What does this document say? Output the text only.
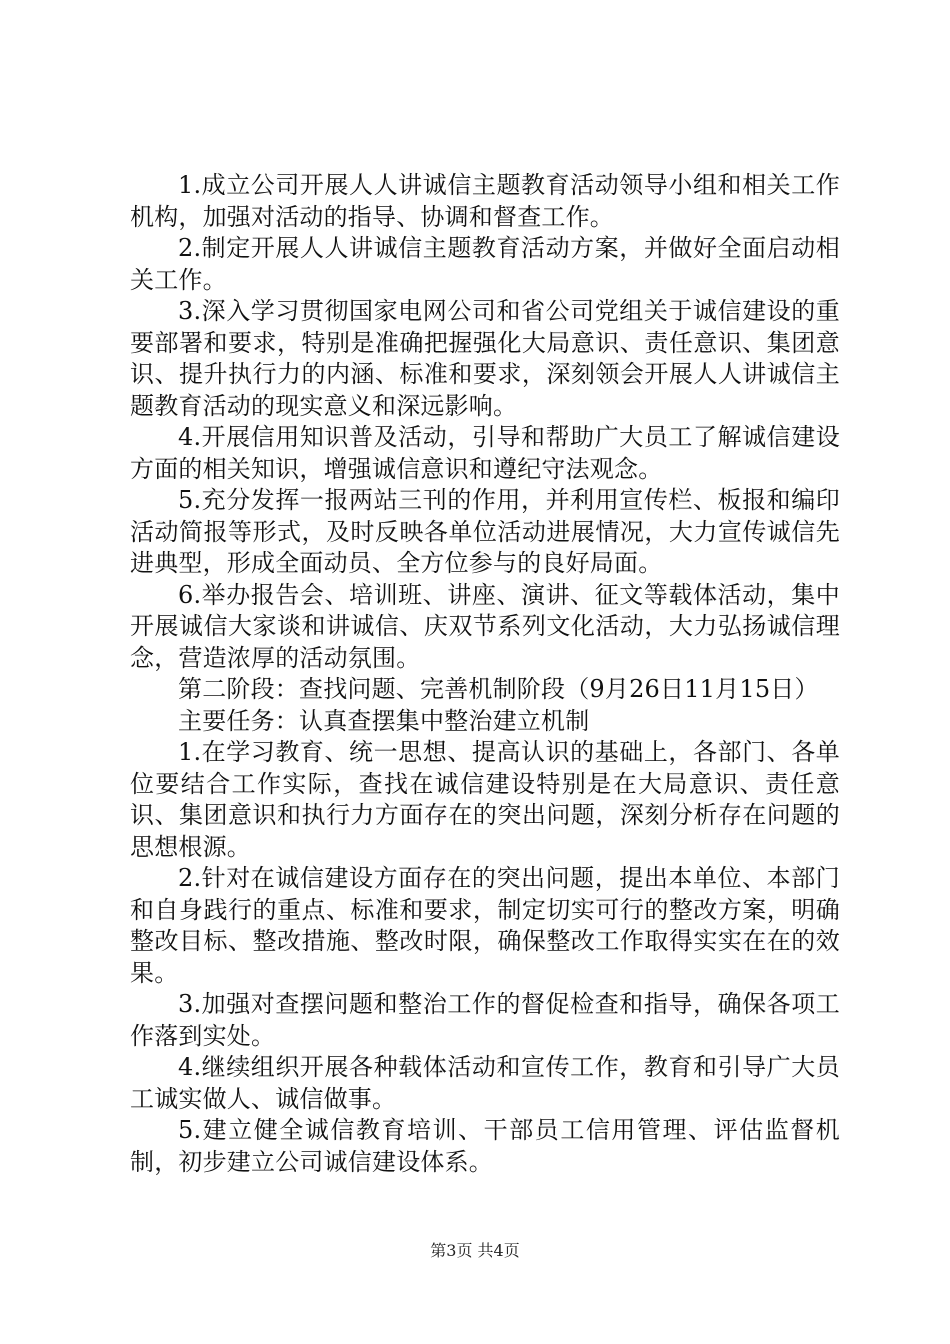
1.成立公司开展人人讲诚信主题教育活动领导小组和相关工作机构，加强对活动的指导、协调和督查工作。

2.制定开展人人讲诚信主题教育活动方案，并做好全面启动相关工作。

3.深入学习贯彻国家电网公司和省公司党组关于诚信建设的重要部署和要求，特别是准确把握强化大局意识、责任意识、集团意识、提升执行力的内涵、标准和要求，深刻领会开展人人讲诚信主题教育活动的现实意义和深远影响。

4.开展信用知识普及活动，引导和帮助广大员工了解诚信建设方面的相关知识，增强诚信意识和遵纪守法观念。

5.充分发挥一报两站三刊的作用，并利用宣传栏、板报和编印活动简报等形式，及时反映各单位活动进展情况，大力宣传诚信先进典型，形成全面动员、全方位参与的良好局面。

6.举办报告会、培训班、讲座、演讲、征文等载体活动，集中开展诚信大家谈和讲诚信、庆双节系列文化活动，大力弘扬诚信理念，营造浓厚的活动氛围。

第二阶段：查找问题、完善机制阶段（9月26日11月15日）

主要任务：认真查摆集中整治建立机制

1.在学习教育、统一思想、提高认识的基础上，各部门、各单位要结合工作实际，查找在诚信建设特别是在大局意识、责任意识、集团意识和执行力方面存在的突出问题，深刻分析存在问题的思想根源。

2.针对在诚信建设方面存在的突出问题，提出本单位、本部门和自身践行的重点、标准和要求，制定切实可行的整改方案，明确整改目标、整改措施、整改时限，确保整改工作取得实实在在的效果。

3.加强对查摆问题和整治工作的督促检查和指导，确保各项工作落到实处。

4.继续组织开展各种载体活动和宣传工作，教育和引导广大员工诚实做人、诚信做事。

5.建立健全诚信教育培训、干部员工信用管理、评估监督机制，初步建立公司诚信建设体系。

第3页 共4页
